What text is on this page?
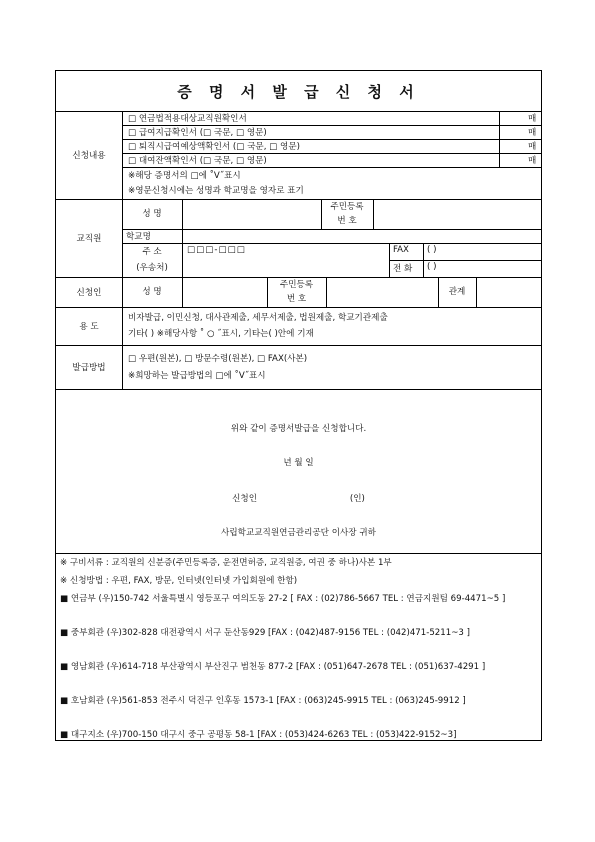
증 명 서 발 급 신 청 서
신청내용
□ 연금법적용대상교직원확인서
□ 급여지급확인서 (□ 국문, □ 영문)
□ 퇴직시급여예상액확인서 (□ 국문, □ 영문)
□ 대여잔액확인서 (□ 국문, □ 영문)
매
매
매
매
※해당 증명서의 □에 ˚V˝표시
※영문신청시에는 성명과 학교명을 영자로 표기
교직원
성 명
주민등록
번 호
학교명
주 소
(우송처)
□□□-□□□	FAX ( )
전 화 ( )
신청인	성 명
주민등록
번 호
관계
용 도
비자발급, 이민신청, 대사관제출, 세무서제출, 법원제출, 학교기관제출
기타( ) ※해당사항 ˚ ○ ˝표시, 기타는( )안에 기재
발급방법
□ 우편(원본), □ 방문수령(원본), □ FAX(사본)
※희망하는 발급방법의 □에 ˚V˝표시
위와 같이 증명서발급을 신청합니다.
년 월 일
신청인                                  (인)
사립학교교직원연금관리공단 이사장 귀하
※ 구비서류 : 교직원의 신분증(주민등록증, 운전면허증, 교직원증, 여권 중 하나)사본 1부
※ 신청방법 : 우편, FAX, 방문, 인터넷(인터넷 가입회원에 한함)
■ 연금부 (우)150-742 서울특별시 영등포구 여의도동 27-2 [ FAX : (02)786-5667 TEL : 연금지원팀 69-4471~5 ]
■ 중부회관 (우)302-828 대전광역시 서구 둔산동929 [FAX : (042)487-9156 TEL : (042)471-5211~3 ]
■ 영남회관 (우)614-718 부산광역시 부산진구 범천동 877-2 [FAX : (051)647-2678 TEL : (051)637-4291 ]
■ 호남회관 (우)561-853 전주시 덕진구 인후동 1573-1 [FAX : (063)245-9915 TEL : (063)245-9912 ]
■ 대구지소 (우)700-150 대구시 중구 공평동 58-1 [FAX : (053)424-6263 TEL : (053)422-9152~3]
